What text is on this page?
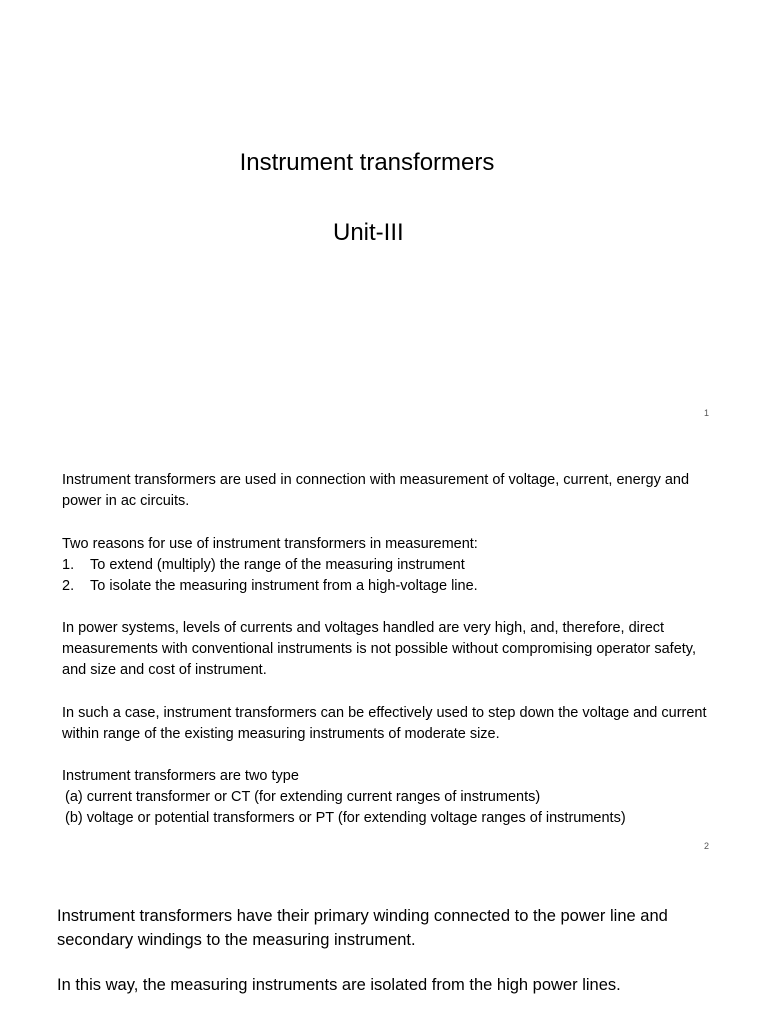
Instrument transformers
Unit-III
1

Instrument transformers are used in connection with measurement of voltage, current, energy and power in ac circuits.

Two reasons for use of instrument transformers in measurement:

1.	To extend (multiply) the range of the measuring instrument
2.	To isolate the measuring instrument from a high-voltage line.

In power systems, levels of currents and voltages handled are very high, and, therefore, direct measurements with conventional instruments is not possible without compromising operator safety, and size and cost of instrument.

In such a case, instrument transformers can be effectively used to step down the voltage and current within range of the existing measuring instruments of moderate size.

Instrument transformers are two type

(a) current transformer or CT (for extending current ranges of instruments)

(b) voltage or potential transformers or PT (for extending voltage ranges of instruments)

2

Instrument transformers have their primary winding connected to the power line and secondary windings to the measuring instrument.

In this way, the measuring instruments are isolated from the high power lines.
